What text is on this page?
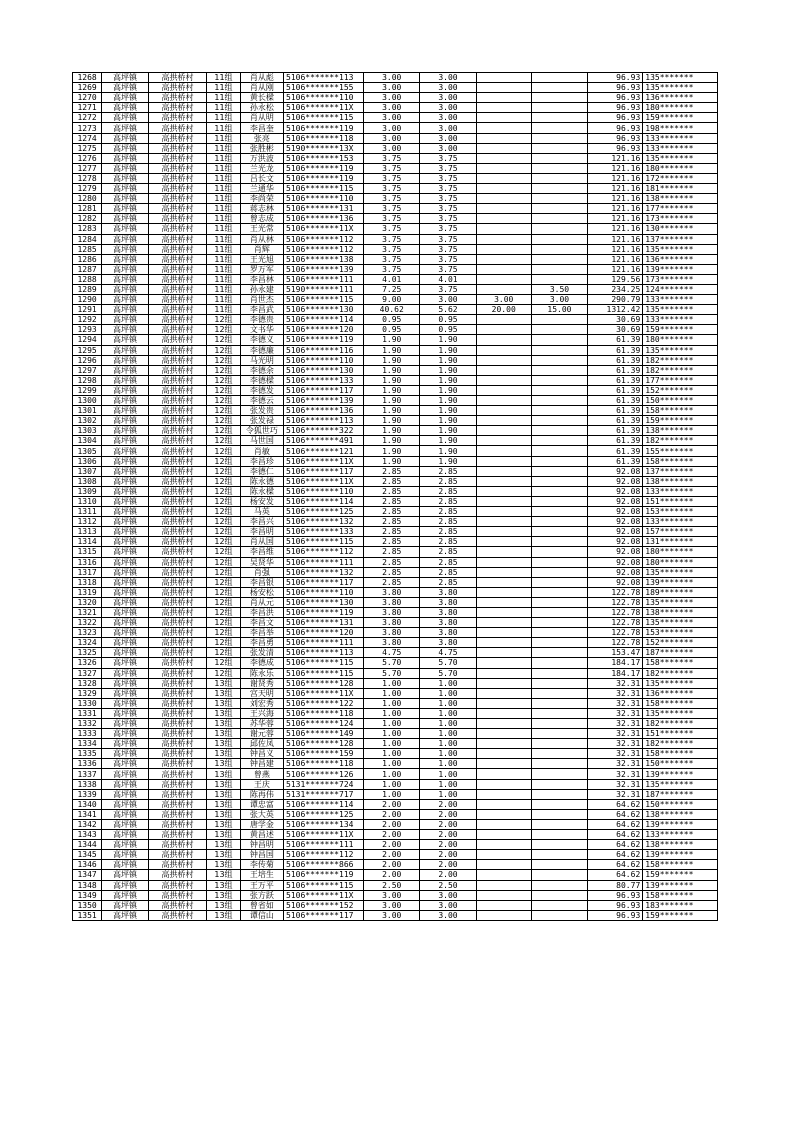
1268	高坪镇	高拱桥村	11组	肖从彪	5106*******113	3.00	3.00			96.93	135*******
1269	高坪镇	高拱桥村	11组	肖从刚	5106*******155	3.00	3.00			96.93	135*******
1270	高坪镇	高拱桥村	11组	黄长樑	5106*******110	3.00	3.00			96.93	136*******
1271	高坪镇	高拱桥村	11组	孙永松	5106*******11X	3.00	3.00			96.93	180*******
1272	高坪镇	高拱桥村	11组	肖从明	5106*******115	3.00	3.00			96.93	159*******
1273	高坪镇	高拱桥村	11组	李昌奎	5106*******119	3.00	3.00			96.93	198*******
1274	高坪镇	高拱桥村	11组	张亮	5106*******118	3.00	3.00			96.93	133*******
1275	高坪镇	高拱桥村	11组	张胜彬	5190*******13X	3.00	3.00			96.93	133*******
1276	高坪镇	高拱桥村	11组	万洪波	5106*******153	3.75	3.75			121.16	135*******
1277	高坪镇	高拱桥村	11组	兰光龙	5106*******119	3.75	3.75			121.16	180*******
1278	高坪镇	高拱桥村	11组	吕长文	5106*******119	3.75	3.75			121.16	172*******
1279	高坪镇	高拱桥村	11组	兰通华	5106*******115	3.75	3.75			121.16	181*******
1280	高坪镇	高拱桥村	11组	李尚荣	5106*******110	3.75	3.75			121.16	138*******
1281	高坪镇	高拱桥村	11组	蒋志林	5106*******131	3.75	3.75			121.16	177*******
1282	高坪镇	高拱桥村	11组	曾志成	5106*******136	3.75	3.75			121.16	173*******
1283	高坪镇	高拱桥村	11组	王光常	5106*******11X	3.75	3.75			121.16	130*******
1284	高坪镇	高拱桥村	11组	肖从林	5106*******112	3.75	3.75			121.16	137*******
1285	高坪镇	高拱桥村	11组	肖辉	5106*******112	3.75	3.75			121.16	135*******
1286	高坪镇	高拱桥村	11组	王光旭	5106*******138	3.75	3.75			121.16	136*******
1287	高坪镇	高拱桥村	11组	罗万军	5106*******139	3.75	3.75			121.16	139*******
1288	高坪镇	高拱桥村	11组	李昌林	5106*******111	4.01	4.01			129.56	173*******
1289	高坪镇	高拱桥村	11组	孙永建	5190*******111	7.25	3.75		3.50	234.25	124*******
1290	高坪镇	高拱桥村	11组	肖世杰	5106*******115	9.00	3.00	3.00	3.00	290.79	133*******
1291	高坪镇	高拱桥村	11组	李昌武	5106*******130	40.62	5.62	20.00	15.00	1312.42	135*******
1292	高坪镇	高拱桥村	12组	李德贵	5106*******114	0.95	0.95			30.69	133*******
1293	高坪镇	高拱桥村	12组	文书华	5106*******120	0.95	0.95			30.69	159*******
1294	高坪镇	高拱桥村	12组	李德义	5106*******119	1.90	1.90			61.39	180*******
1295	高坪镇	高拱桥村	12组	李德廉	5106*******116	1.90	1.90			61.39	135*******
1296	高坪镇	高拱桥村	12组	马光明	5106*******110	1.90	1.90			61.39	182*******
1297	高坪镇	高拱桥村	12组	李德余	5106*******130	1.90	1.90			61.39	182*******
1298	高坪镇	高拱桥村	12组	李德樑	5106*******133	1.90	1.90			61.39	177*******
1299	高坪镇	高拱桥村	12组	李德发	5106*******117	1.90	1.90			61.39	152*******
1300	高坪镇	高拱桥村	12组	李德云	5106*******139	1.90	1.90			61.39	150*******
1301	高坪镇	高拱桥村	12组	张发贵	5106*******136	1.90	1.90			61.39	158*******
1302	高坪镇	高拱桥村	12组	张发禄	5106*******113	1.90	1.90			61.39	159*******
1303	高坪镇	高拱桥村	12组	令狐世巧	5106*******322	1.90	1.90			61.39	138*******
1304	高坪镇	高拱桥村	12组	马世国	5106*******491	1.90	1.90			61.39	182*******
1305	高坪镇	高拱桥村	12组	肖敏	5106*******121	1.90	1.90			61.39	155*******
1306	高坪镇	高拱桥村	12组	李昌珍	5106*******11X	1.90	1.90			61.39	158*******
1307	高坪镇	高拱桥村	12组	李德仁	5106*******117	2.85	2.85			92.08	137*******
1308	高坪镇	高拱桥村	12组	陈永德	5106*******11X	2.85	2.85			92.08	138*******
1309	高坪镇	高拱桥村	12组	陈永樑	5106*******110	2.85	2.85			92.08	133*******
1310	高坪镇	高拱桥村	12组	杨安发	5106*******114	2.85	2.85			92.08	151*******
1311	高坪镇	高拱桥村	12组	马英	5106*******125	2.85	2.85			92.08	153*******
1312	高坪镇	高拱桥村	12组	李昌兴	5106*******132	2.85	2.85			92.08	133*******
1313	高坪镇	高拱桥村	12组	李昌明	5106*******133	2.85	2.85			92.08	157*******
1314	高坪镇	高拱桥村	12组	肖从国	5106*******115	2.85	2.85			92.08	131*******
1315	高坪镇	高拱桥村	12组	李昌维	5106*******112	2.85	2.85			92.08	180*******
1316	高坪镇	高拱桥村	12组	吴贤华	5106*******111	2.85	2.85			92.08	180*******
1317	高坪镇	高拱桥村	12组	肖强	5106*******132	2.85	2.85			92.08	135*******
1318	高坪镇	高拱桥村	12组	李昌银	5106*******117	2.85	2.85			92.08	139*******
1319	高坪镇	高拱桥村	12组	杨安松	5106*******110	3.80	3.80			122.78	189*******
1320	高坪镇	高拱桥村	12组	肖从元	5106*******130	3.80	3.80			122.78	135*******
1321	高坪镇	高拱桥村	12组	李昌洪	5106*******119	3.80	3.80			122.78	138*******
1322	高坪镇	高拱桥村	12组	李昌文	5106*******131	3.80	3.80			122.78	135*******
1323	高坪镇	高拱桥村	12组	李昌举	5106*******120	3.80	3.80			122.78	153*******
1324	高坪镇	高拱桥村	12组	李昌勇	5106*******111	3.80	3.80			122.78	152*******
1325	高坪镇	高拱桥村	12组	张发清	5106*******113	4.75	4.75			153.47	187*******
1326	高坪镇	高拱桥村	12组	李德成	5106*******115	5.70	5.70			184.17	158*******
1327	高坪镇	高拱桥村	12组	陈永乐	5106*******115	5.70	5.70			184.17	182*******
1328	高坪镇	高拱桥村	13组	谢贤秀	5106*******128	1.00	1.00			32.31	135*******
1329	高坪镇	高拱桥村	13组	宫天明	5106*******11X	1.00	1.00			32.31	136*******
1330	高坪镇	高拱桥村	13组	刘宏秀	5106*******122	1.00	1.00			32.31	158*******
1331	高坪镇	高拱桥村	13组	王兴海	5106*******118	1.00	1.00			32.31	135*******
1332	高坪镇	高拱桥村	13组	苏华蓉	5106*******124	1.00	1.00			32.31	182*******
1333	高坪镇	高拱桥村	13组	谢元蓉	5106*******149	1.00	1.00			32.31	151*******
1334	高坪镇	高拱桥村	13组	邱佐凤	5106*******128	1.00	1.00			32.31	182*******
1335	高坪镇	高拱桥村	13组	钟昌义	5106*******159	1.00	1.00			32.31	158*******
1336	高坪镇	高拱桥村	13组	钟昌建	5106*******118	1.00	1.00			32.31	150*******
1337	高坪镇	高拱桥村	13组	曾燕	5106*******126	1.00	1.00			32.31	139*******
1338	高坪镇	高拱桥村	13组	王庆	5131*******724	1.00	1.00			32.31	135*******
1339	高坪镇	高拱桥村	13组	陈再伟	5131*******717	1.00	1.00			32.31	187*******
1340	高坪镇	高拱桥村	13组	谭忠富	5106*******114	2.00	2.00			64.62	150*******
1341	高坪镇	高拱桥村	13组	张大英	5106*******125	2.00	2.00			64.62	138*******
1342	高坪镇	高拱桥村	13组	唐学金	5106*******134	2.00	2.00			64.62	139*******
1343	高坪镇	高拱桥村	13组	黄昌述	5106*******11X	2.00	2.00			64.62	133*******
1344	高坪镇	高拱桥村	13组	钟昌明	5106*******111	2.00	2.00			64.62	138*******
1345	高坪镇	高拱桥村	13组	钟昌国	5106*******112	2.00	2.00			64.62	139*******
1346	高坪镇	高拱桥村	13组	李传菊	5106*******866	2.00	2.00			64.62	158*******
1347	高坪镇	高拱桥村	13组	王培生	5106*******119	2.00	2.00			64.62	159*******
1348	高坪镇	高拱桥村	13组	王万平	5106*******115	2.50	2.50			80.77	139*******
1349	高坪镇	高拱桥村	13组	张方跃	5106*******11X	3.00	3.00			96.93	158*******
1350	高坪镇	高拱桥村	13组	曾省如	5106*******152	3.00	3.00			96.93	183*******
1351	高坪镇	高拱桥村	13组	谭信山	5106*******117	3.00	3.00			96.93	159*******
